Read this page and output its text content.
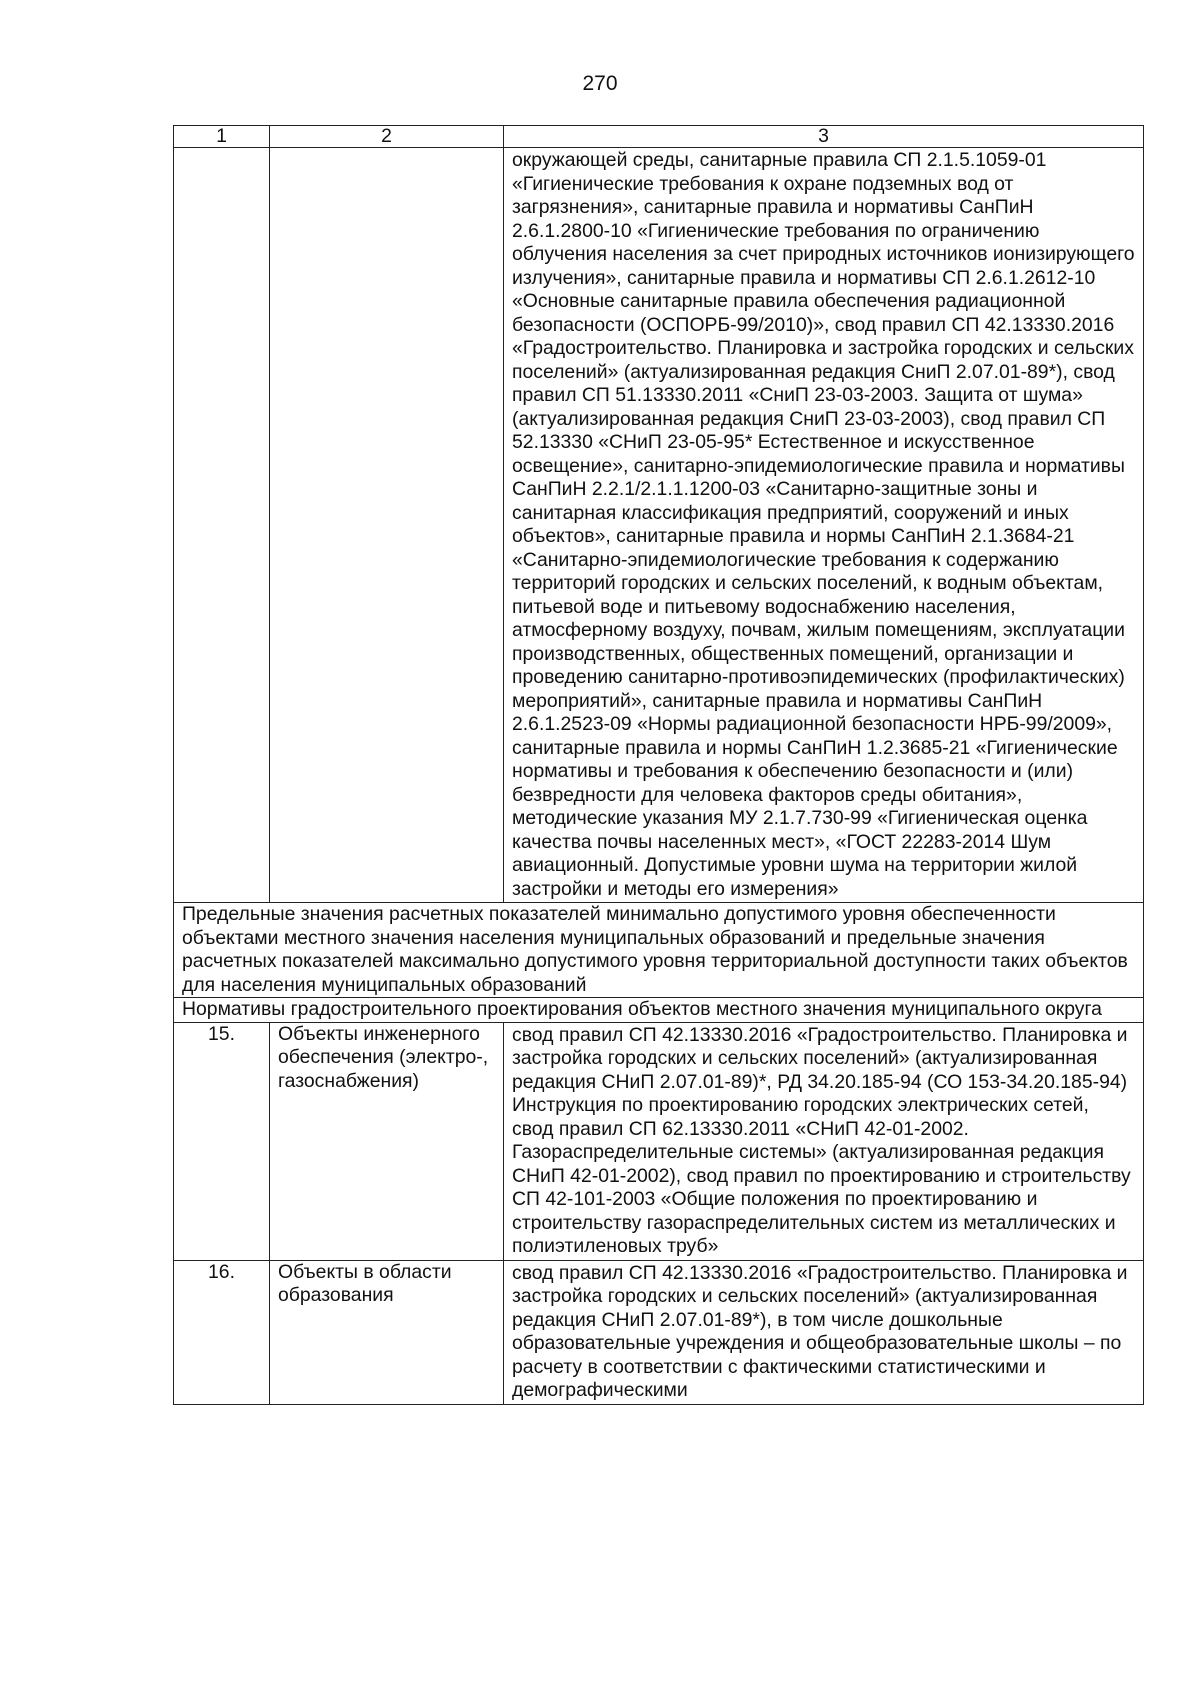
270
1	2	3
		окружающей среды, санитарные правила СП 2.1.5.1059-01 «Гигиенические требования к охране подземных вод от загрязнения», санитарные правила и нормативы СанПиН 2.6.1.2800-10 «Гигиенические требования по ограничению облучения населения за счет природных источников ионизирующего излучения», санитарные правила и нормативы СП 2.6.1.2612-10 «Основные санитарные правила обеспечения радиационной безопасности (ОСПОРБ-99/2010)», свод правил СП 42.13330.2016 «Градостроительство. Планировка и застройка городских и сельских поселений» (актуализированная редакция СниП 2.07.01-89*), свод правил СП 51.13330.2011 «СниП 23-03-2003. Защита от шума» (актуализированная редакция СниП 23-03-2003), свод правил СП 52.13330 «СНиП 23-05-95* Естественное и искусственное освещение», санитарно-эпидемиологические правила и нормативы СанПиН 2.2.1/2.1.1.1200-03 «Санитарно-защитные зоны и санитарная классификация предприятий, сооружений и иных объектов», санитарные правила и нормы СанПиН 2.1.3684-21 «Санитарно-эпидемиологические требования к содержанию территорий городских и сельских поселений, к водным объектам, питьевой воде и питьевому водоснабжению населения, атмосферному воздуху, почвам, жилым помещениям, эксплуатации производственных, общественных помещений, организации и проведению санитарно-противоэпидемических (профилактических) мероприятий», санитарные правила и нормативы СанПиН 2.6.1.2523-09 «Нормы радиационной безопасности НРБ-99/2009», санитарные правила и нормы СанПиН 1.2.3685-21 «Гигиенические нормативы и требования к обеспечению безопасности и (или) безвредности для человека факторов среды обитания», методические указания МУ 2.1.7.730-99 «Гигиеническая оценка качества почвы населенных мест», «ГОСТ 22283-2014 Шум авиационный. Допустимые уровни шума на территории жилой застройки и методы его измерения»
Предельные значения расчетных показателей минимально допустимого уровня обеспеченности объектами местного значения населения муниципальных образований и предельные значения расчетных показателей максимально допустимого уровня территориальной доступности таких объектов для населения муниципальных образований		
Нормативы градостроительного проектирования объектов местного значения муниципального округа		
15.	Объекты инженерного обеспечения (электро-, газоснабжения)	свод правил СП 42.13330.2016 «Градостроительство. Планировка и застройка городских и сельских поселений» (актуализированная редакция СНиП 2.07.01-89)*, РД 34.20.185-94 (СО 153-34.20.185-94) Инструкция по проектированию городских электрических сетей, свод правил СП 62.13330.2011 «СНиП 42-01-2002. Газораспределительные системы» (актуализированная редакция СНиП 42-01-2002), свод правил по проектированию и строительству СП 42-101-2003 «Общие положения по проектированию и строительству газораспределительных систем из металлических и полиэтиленовых труб»
16.	Объекты в области образования	свод правил СП 42.13330.2016 «Градостроительство. Планировка и застройка городских и сельских поселений» (актуализированная редакция СНиП 2.07.01-89*), в том числе дошкольные образовательные учреждения и общеобразовательные школы – по расчету в соответствии с фактическими статистическими и демографическими
